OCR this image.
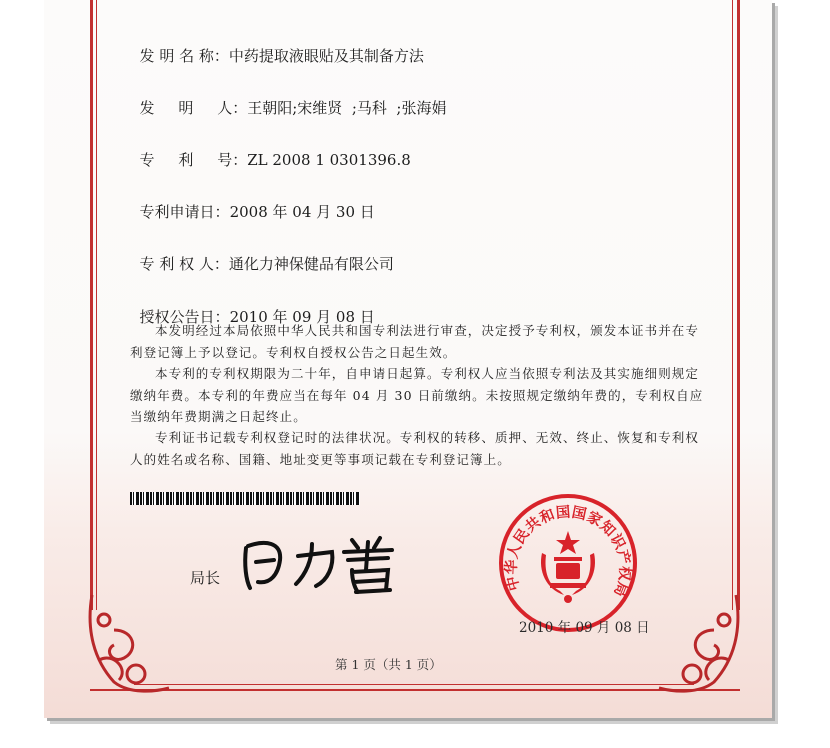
发 明 名 称：中药提取液眼贴及其制备方法

发     明     人：王朝阳;宋维贤  ;马科  ;张海娟

专     利     号：ZL 2008 1 0301396.8

专利申请日：2008 年 04 月 30 日

专 利 权 人：通化力神保健品有限公司

授权公告日：2010 年 09 月 08 日

本发明经过本局依照中华人民共和国专利法进行审查，决定授予专利权，颁发本证书并在专利登记簿上予以登记。专利权自授权公告之日起生效。
本专利的专利权期限为二十年，自申请日起算。专利权人应当依照专利法及其实施细则规定缴纳年费。本专利的年费应当在每年 04 月 30 日前缴纳。未按照规定缴纳年费的，专利权自应当缴纳年费期满之日起终止。
专利证书记载专利权登记时的法律状况。专利权的转移、质押、无效、终止、恢复和专利权人的姓名或名称、国籍、地址变更等事项记载在专利登记簿上。
局长	中华人民共和国国家知识产权局
2010 年 09 月 08 日
第 1 页（共 1 页）
